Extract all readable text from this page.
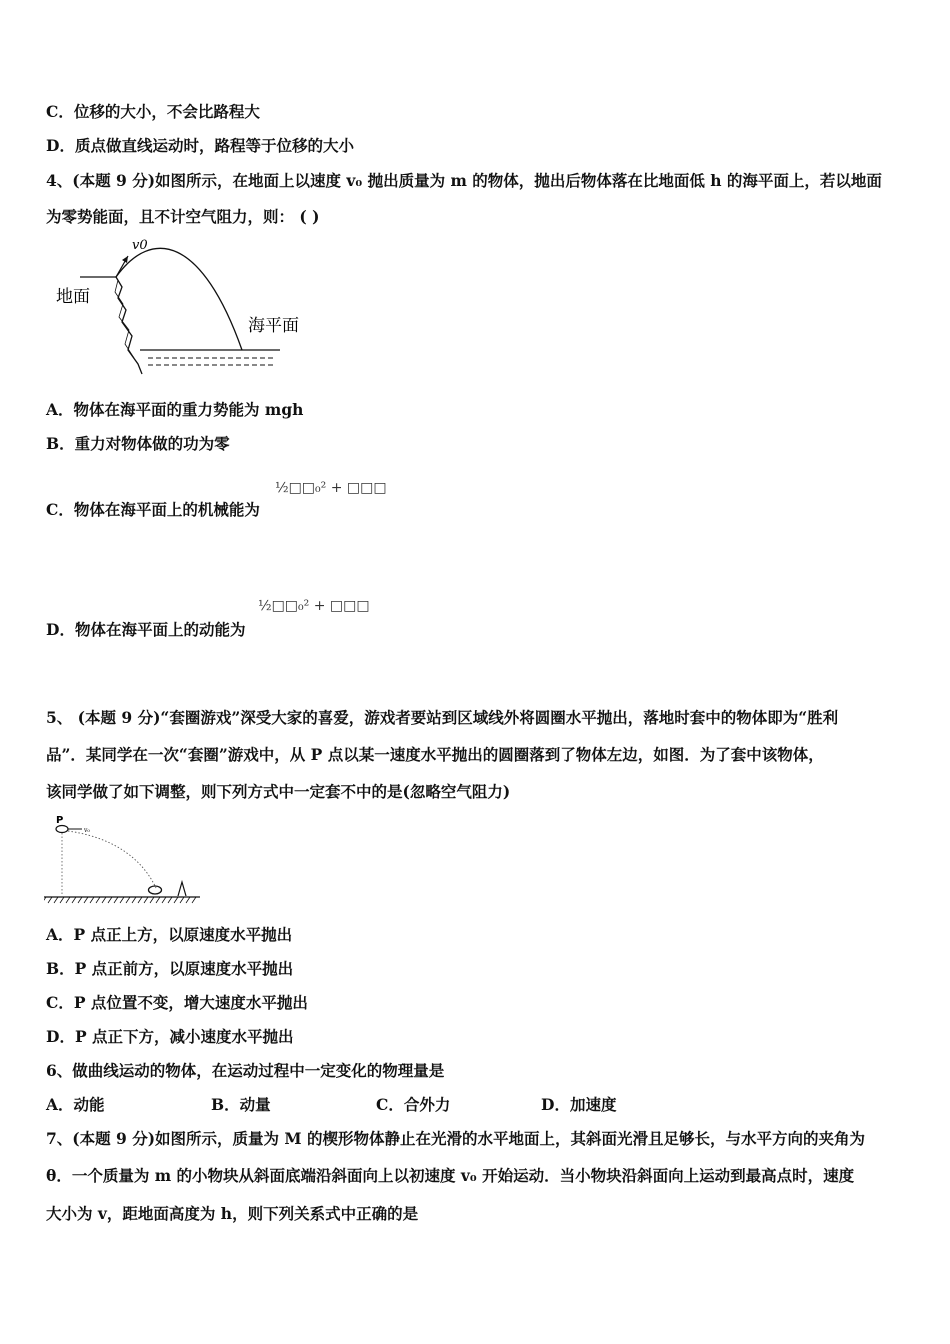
C．位移的大小，不会比路程大
D．质点做直线运动时，路程等于位移的大小
4、(本题 9 分)如图所示，在地面上以速度 v₀ 抛出质量为 m 的物体，抛出后物体落在比地面低 h 的海平面上，若以地面
为零势能面，且不计空气阻力，则： ( )
v0
地面
海平面
A．物体在海平面的重力势能为 mgh
B．重力对物体做的功为零
C．物体在海平面上的机械能为
½□□₀² + □□□
D．物体在海平面上的动能为
½□□₀² + □□□
5、 (本题 9 分)“套圈游戏”深受大家的喜爱，游戏者要站到区域线外将圆圈水平抛出，落地时套中的物体即为“胜利
品”．某同学在一次“套圈”游戏中，从 P 点以某一速度水平抛出的圆圈落到了物体左边，如图．为了套中该物体，
该同学做了如下调整，则下列方式中一定套不中的是(忽略空气阻力)
P
v₀
A．P 点正上方，以原速度水平抛出
B．P 点正前方，以原速度水平抛出
C．P 点位置不变，增大速度水平抛出
D．P 点正下方，减小速度水平抛出
6、做曲线运动的物体，在运动过程中一定变化的物理量是
A．动能	B．动量	C．合外力	D．加速度
7、(本题 9 分)如图所示，质量为 M 的楔形物体静止在光滑的水平地面上，其斜面光滑且足够长，与水平方向的夹角为
θ．一个质量为 m 的小物块从斜面底端沿斜面向上以初速度 v₀ 开始运动．当小物块沿斜面向上运动到最高点时，速度
大小为 v，距地面高度为 h，则下列关系式中正确的是
